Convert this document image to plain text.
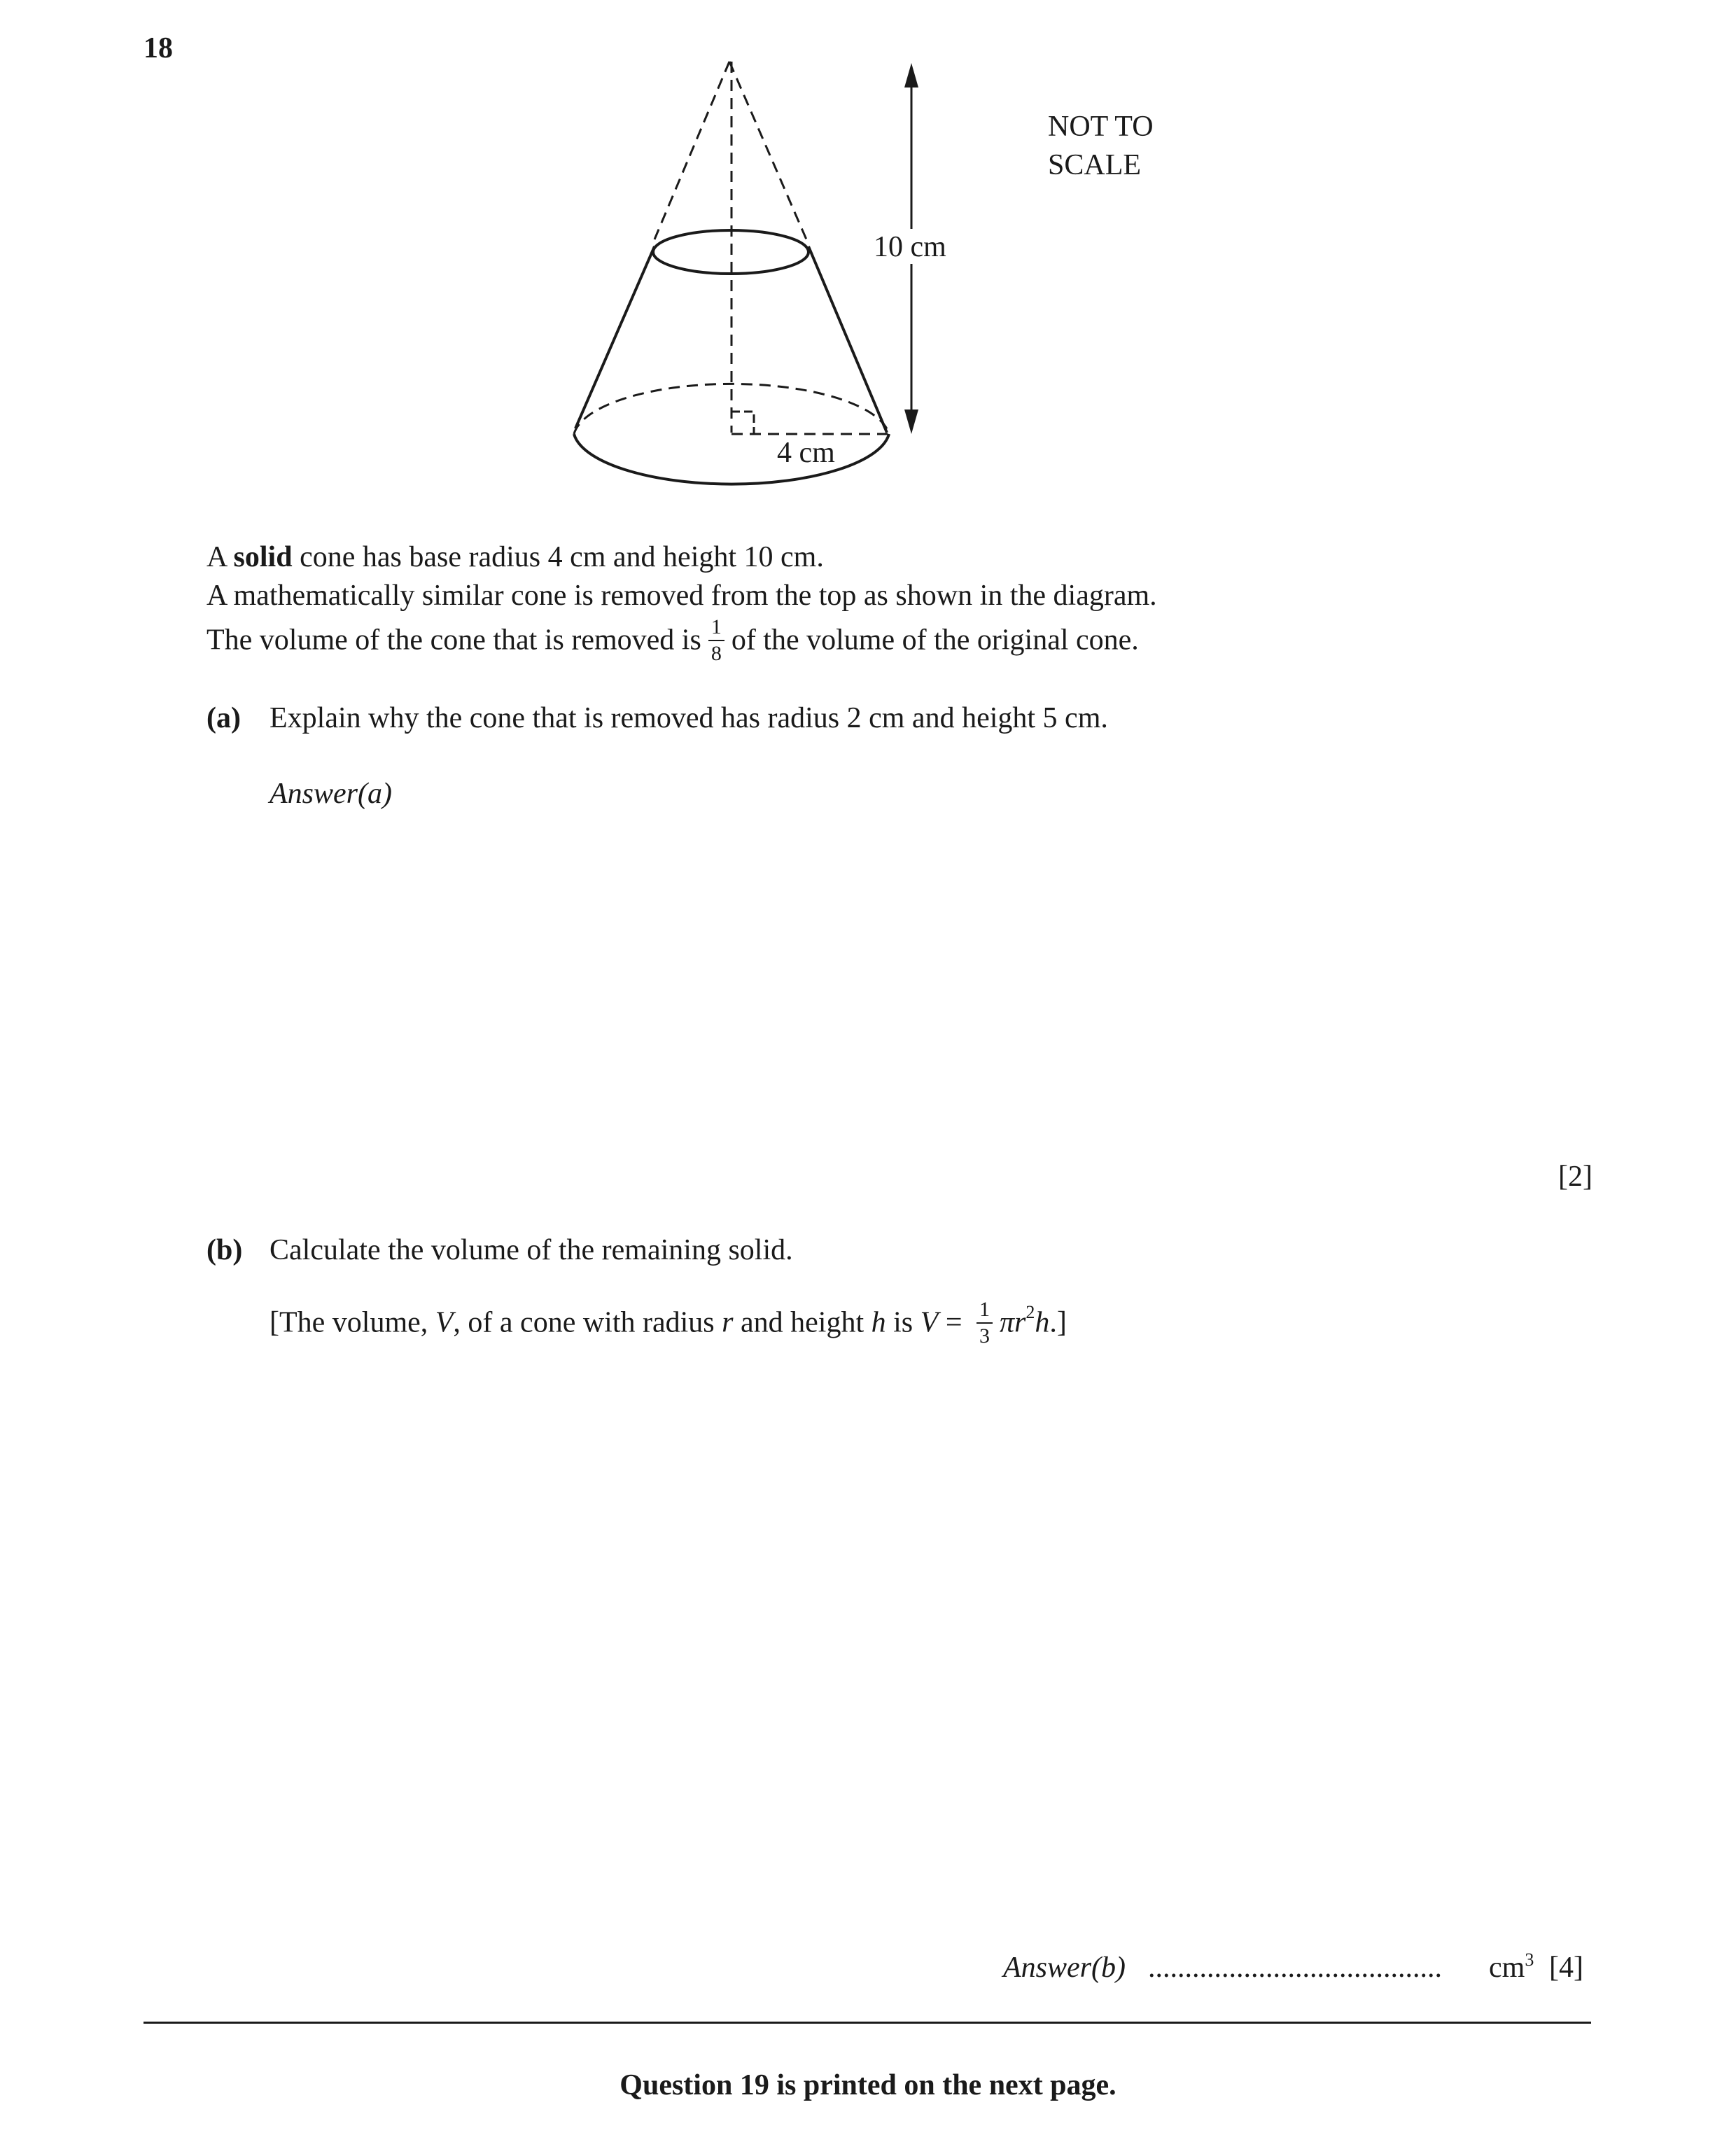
18
10 cm
4 cm
NOT TO
SCALE
A solid cone has base radius 4 cm and height 10 cm.
A mathematically similar cone is removed from the top as shown in the diagram.
The volume of the cone that is removed is $\frac{1}{8}$ of the volume of the original cone.
(a) Explain why the cone that is removed has radius 2 cm and height 5 cm.
Answer(a)
[2]
(b) Calculate the volume of the remaining solid.
[The volume, V, of a cone with radius r and height h is $V = \frac{1}{3} \pi r^2h$.]
Answer(b) ........................................ $cm^3$ [4]
Question 19 is printed on the next page.
